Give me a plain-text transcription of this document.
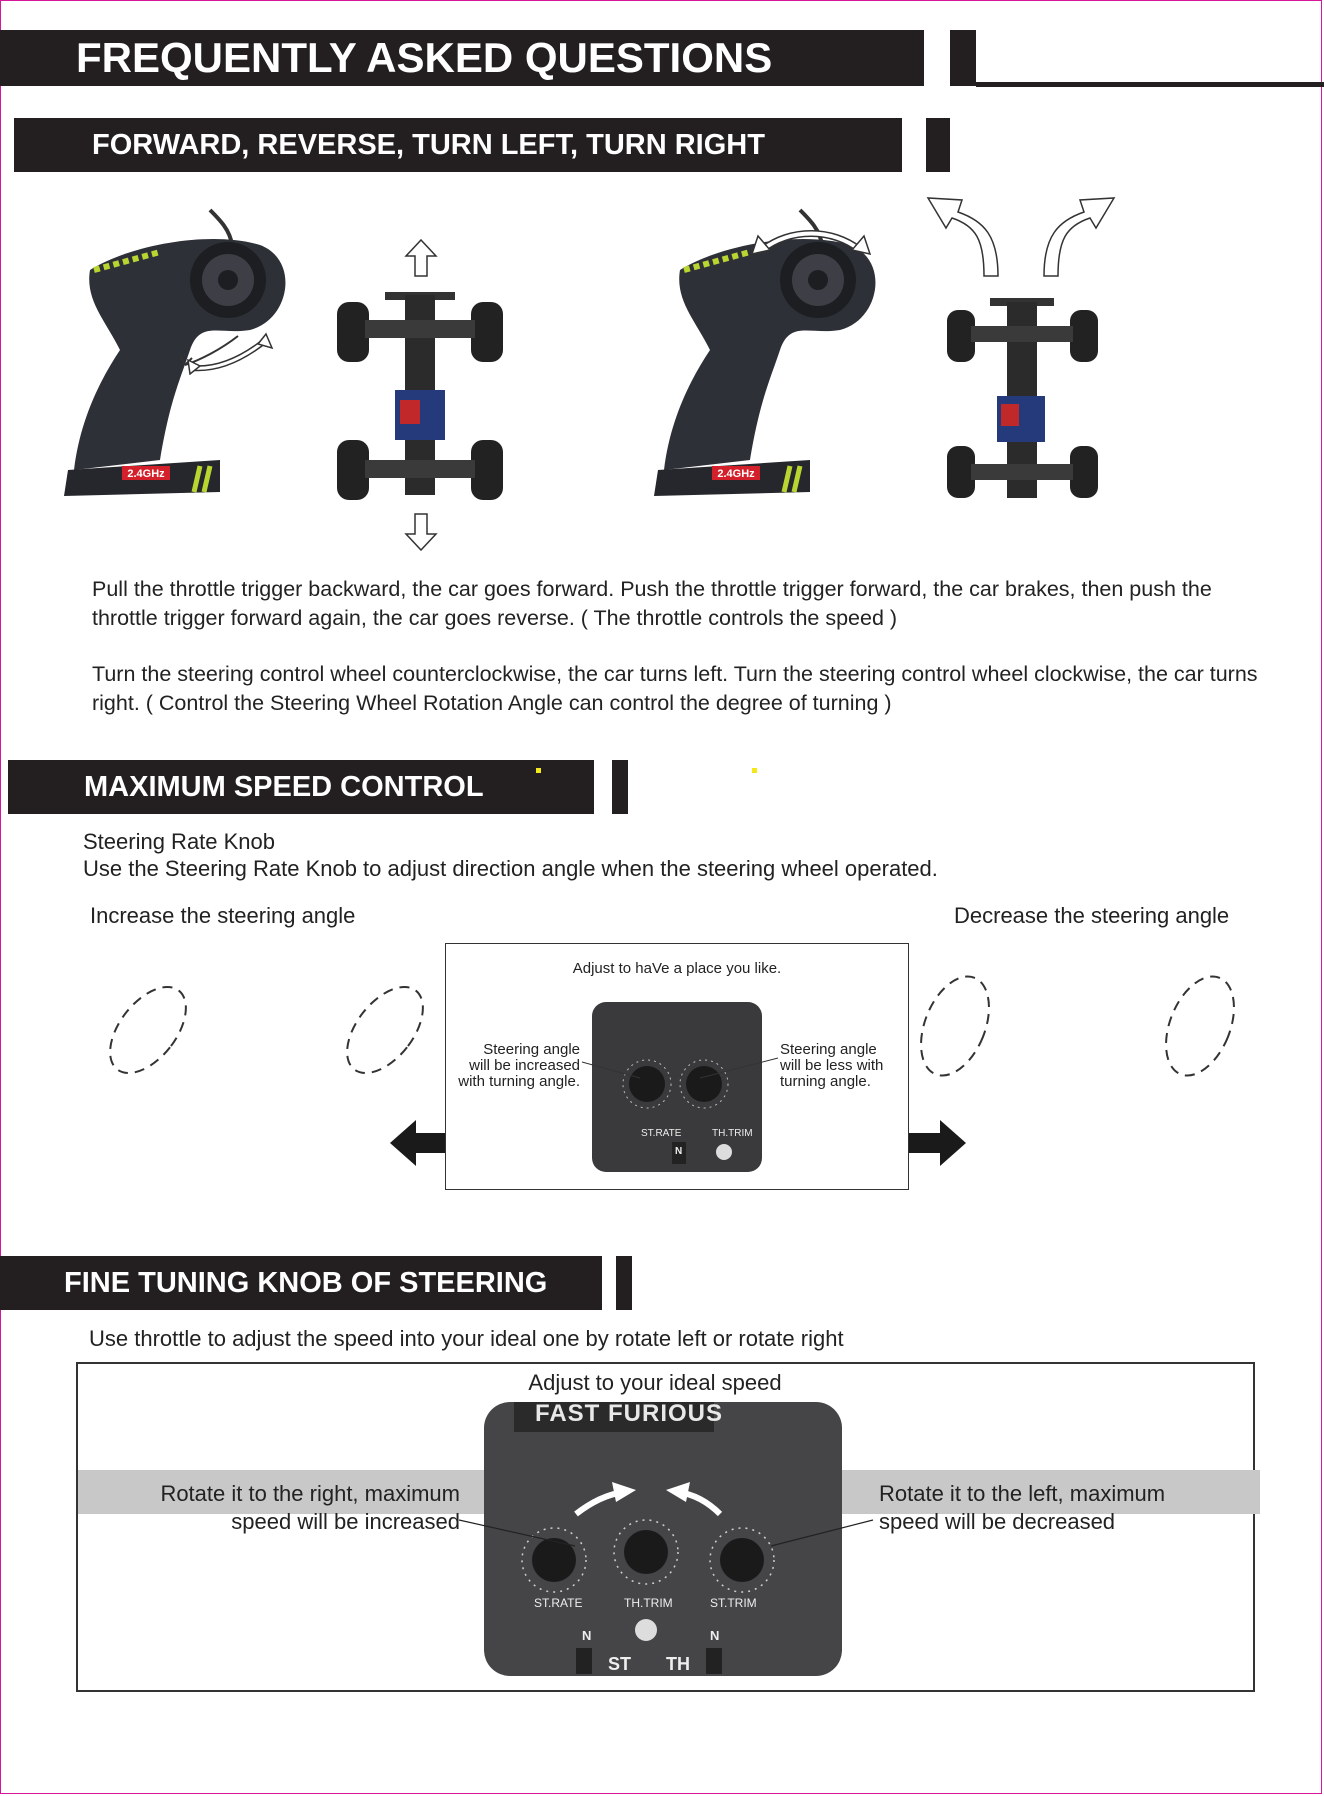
FREQUENTLY ASKED QUESTIONS
FORWARD, REVERSE, TURN LEFT, TURN RIGHT
2.4GHz	2.4GHz
Pull the throttle trigger backward, the car goes forward. Push the throttle trigger forward, the car brakes, then push the throttle trigger forward again, the car goes reverse. ( The throttle controls the speed )
Turn the steering control wheel counterclockwise, the car turns left. Turn the steering control wheel clockwise, the car turns right. ( Control the Steering Wheel Rotation Angle can control the degree of turning )
MAXIMUM SPEED CONTROL
Steering Rate Knob
Use the Steering Rate Knob to adjust direction angle when the steering wheel operated.
Increase the steering angle	Decrease the steering angle
Adjust to haVe a place you like.
ST.RATE	TH.TRIM
N
Steering angle
will be increased
with turning angle.
Steering angle
will be less with
turning angle.
FINE TUNING KNOB OF STEERING
Use throttle to adjust the speed into your ideal one by rotate left or rotate right
Adjust to your ideal speed
FAST FURIOUS
ST.RATE	TH.TRIM	ST.TRIM
N	N
ST TH
Rotate it to the right, maximum
speed will be increased
Rotate it to the left, maximum
speed will be decreased
